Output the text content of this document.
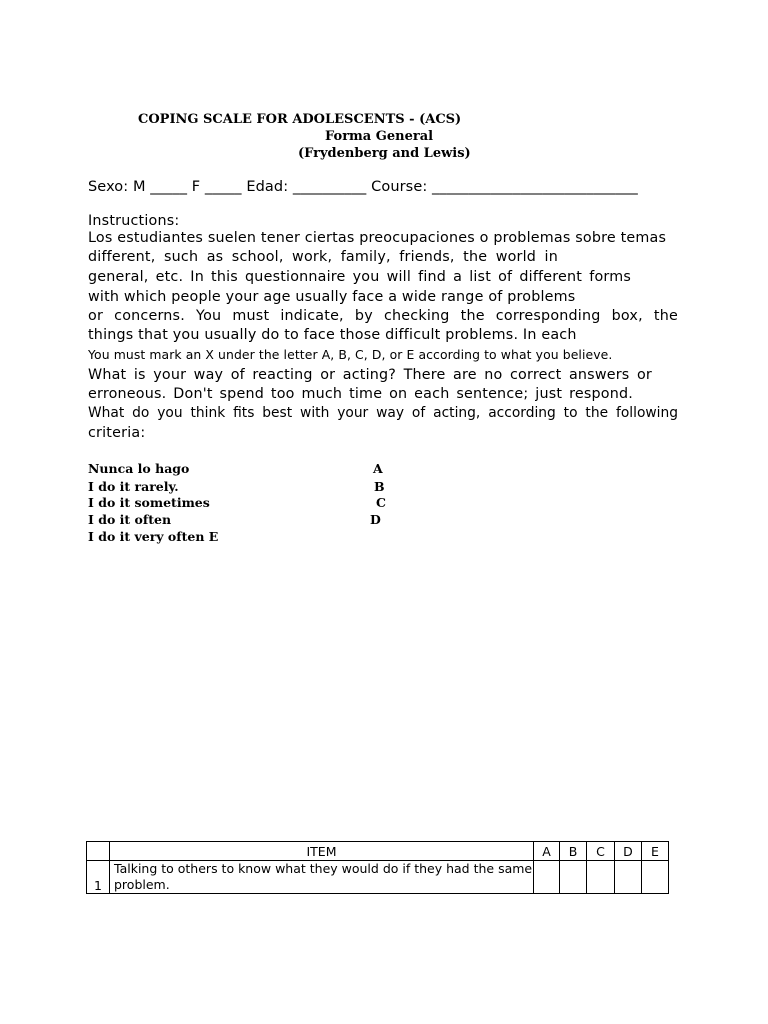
COPING SCALE FOR ADOLESCENTS - (ACS)
Forma General
(Frydenberg and Lewis)
Sexo: M _____ F _____ Edad: __________ Course: ____________________________
Instructions:
Los estudiantes suelen tener ciertas preocupaciones o problemas sobre temas
different, such as school, work, family, friends, the world in
general, etc. In this questionnaire you will find a list of different forms
with which people your age usually face a wide range of problems
or concerns. You must indicate, by checking the corresponding box, the
things that you usually do to face those difficult problems. In each
You must mark an X under the letter A, B, C, D, or E according to what you believe.
What is your way of reacting or acting? There are no correct answers or
erroneous. Don't spend too much time on each sentence; just respond.
What do you think fits best with your way of acting, according to the following
criteria:
Nunca lo hago	A
I do it rarely.	B
I do it sometimes	C
I do it often	D
I do it very often E
	ITEM	A	B	C	D	E
1	Talking to others to know what they would do if they had the same problem.					
